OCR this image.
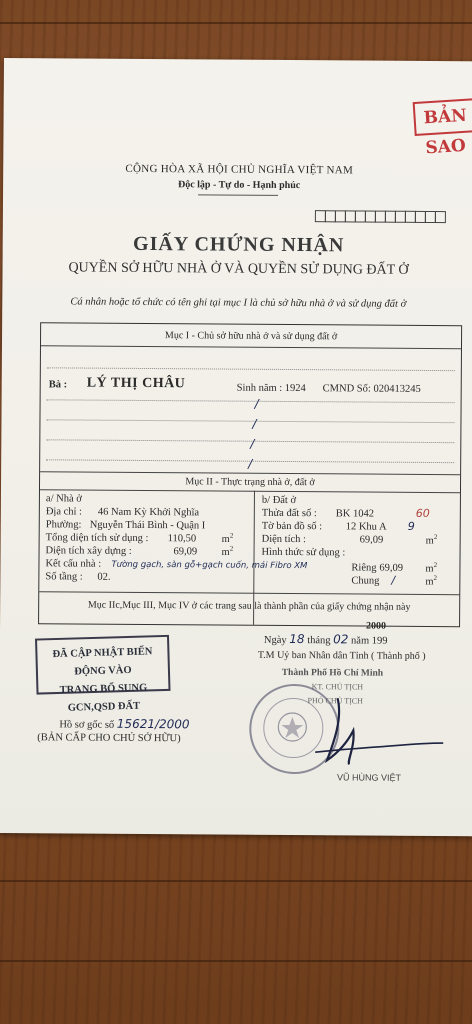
BẢN SAO
CỘNG HÒA XÃ HỘI CHỦ NGHĨA VIỆT NAM
Độc lập - Tự do - Hạnh phúc
GIẤY CHỨNG NHẬN
QUYỀN SỞ HỮU NHÀ Ở VÀ QUYỀN SỬ DỤNG ĐẤT Ở
Cá nhân hoặc tổ chức có tên ghi tại mục I là chủ sở hữu nhà ở và sử dụng đất ở
Mục I - Chủ sở hữu nhà ở và sử dụng đất ở
Bà : LÝ THỊ CHÂU	Sinh năm : 1924 CMND Số: 020413245
/
/
/
/
Mục II - Thực trạng nhà ở, đất ở
a/ Nhà ở
Địa chỉ : 46 Nam Kỳ Khởi Nghĩa
Phường: Nguyễn Thái Bình - Quận I
Tổng diện tích sử dụng : 110,50 $m^2$
Diện tích xây dựng :	69,09 $m^2$
Kết cấu nhà : Tường gạch, sàn gỗ+gạch cuốn, mái Fibro XM
Số tầng : 02.
b/ Đất ở
Thửa đất số : BK 1042	60
Tờ bản đồ số : 12 Khu A 9
Diện tích :	69,09	$m^2$
Hình thức sử dụng :
Riêng 69,09 $m^2$
Chung /	$m^2$
Mục IIc,Mục III, Mục IV ở các trang sau là thành phần của giấy chứng nhận này
ĐÃ CẬP NHẬT BIẾN ĐỘNG VÀO
TRANG BỔ SUNG GCN,QSD ĐẤT
2000
Ngày 18 tháng 02 năm 199
T.M Uỷ ban Nhân dân Tỉnh ( Thành phố )
Thành Phố Hồ Chí Minh
KT. CHỦ TỊCH
PHÓ CHỦ TỊCH
VŨ HÙNG VIỆT
Hồ sơ gốc số 15621/2000
(BẢN CẤP CHO CHỦ SỞ HỮU)
